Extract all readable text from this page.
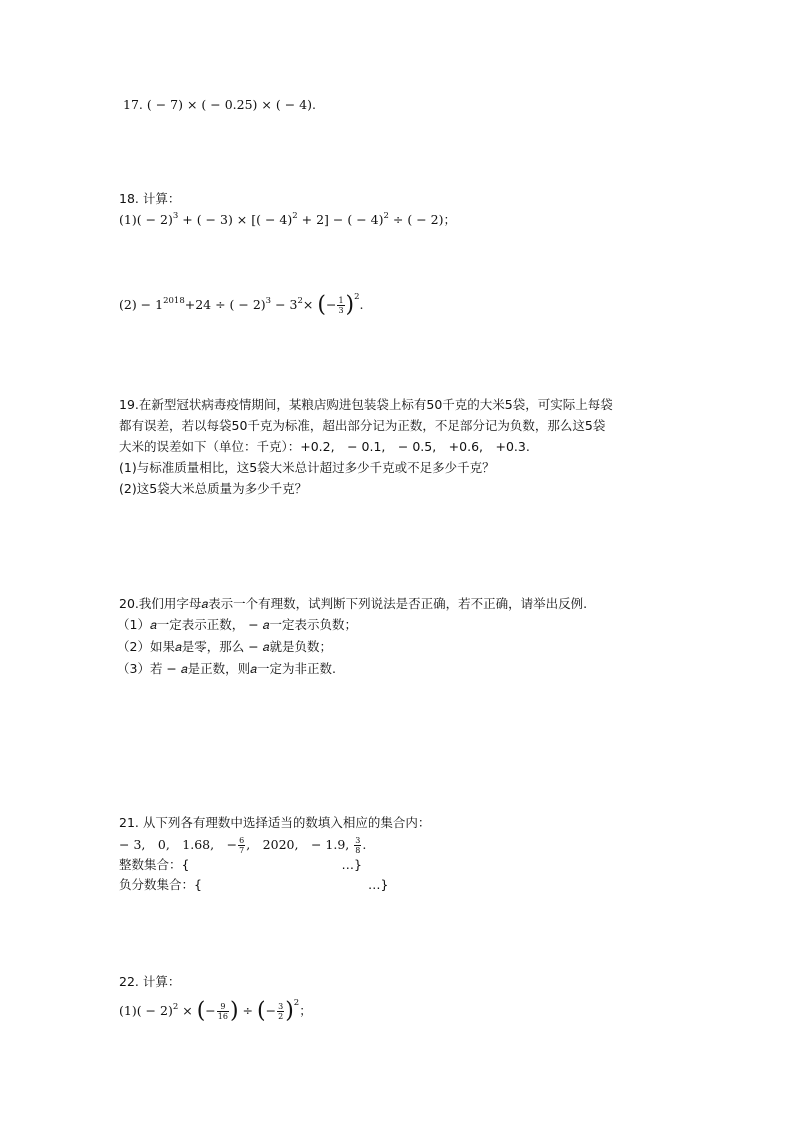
17. ( − 7) × ( − 0.25) × ( − 4).
18. 计算：
$(1)( - 2)^3$ + ( − 3) × [( − 4)$^2$ + 2] − ( − 4)$^2$ ÷ ( − 2)；
$(2) - 1^{2018}+24$ ÷ ( − $2)^3 - 3^2\times$ (− $\frac{1}{3} )^2$.
19.在新型冠状病毒疫情期间，某粮店购进包装袋上标有50千克的大米5袋，可实际上每袋
都有误差，若以每袋50千克为标准，超出部分记为正数，不足部分记为负数，那么这5袋
大米的误差如下（单位：千克）：+0.2,　− 0.1,　− 0.5,　+0.6,　+0.3.
(1)与标准质量相比，这5袋大米总计超过多少千克或不足多少千克？
(2)这5袋大米总质量为多少千克？
20.我们用字母𝑎表示一个有理数，试判断下列说法是否正确，若不正确，请举出反例.
（1）𝑎一定表示正数， − 𝑎一定表示负数；
（2）如果𝑎是零，那么 − 𝑎就是负数；
（3）若 − 𝑎是正数，则𝑎一定为非正数.
21. 从下列各有理数中选择适当的数填入相应的集合内：
− 3,　0,　1.68,　− $\frac{6}{7}$ ,　2020,　− 1.9, $\frac{3}{8}$ .
整数集合：{	…}
负分数集合：{	…}
22. 计算：
$(1)( - 2)^2$ × (− $\frac{9}{16}$ ) ÷ (− $\frac{3}{2} )^2$；
